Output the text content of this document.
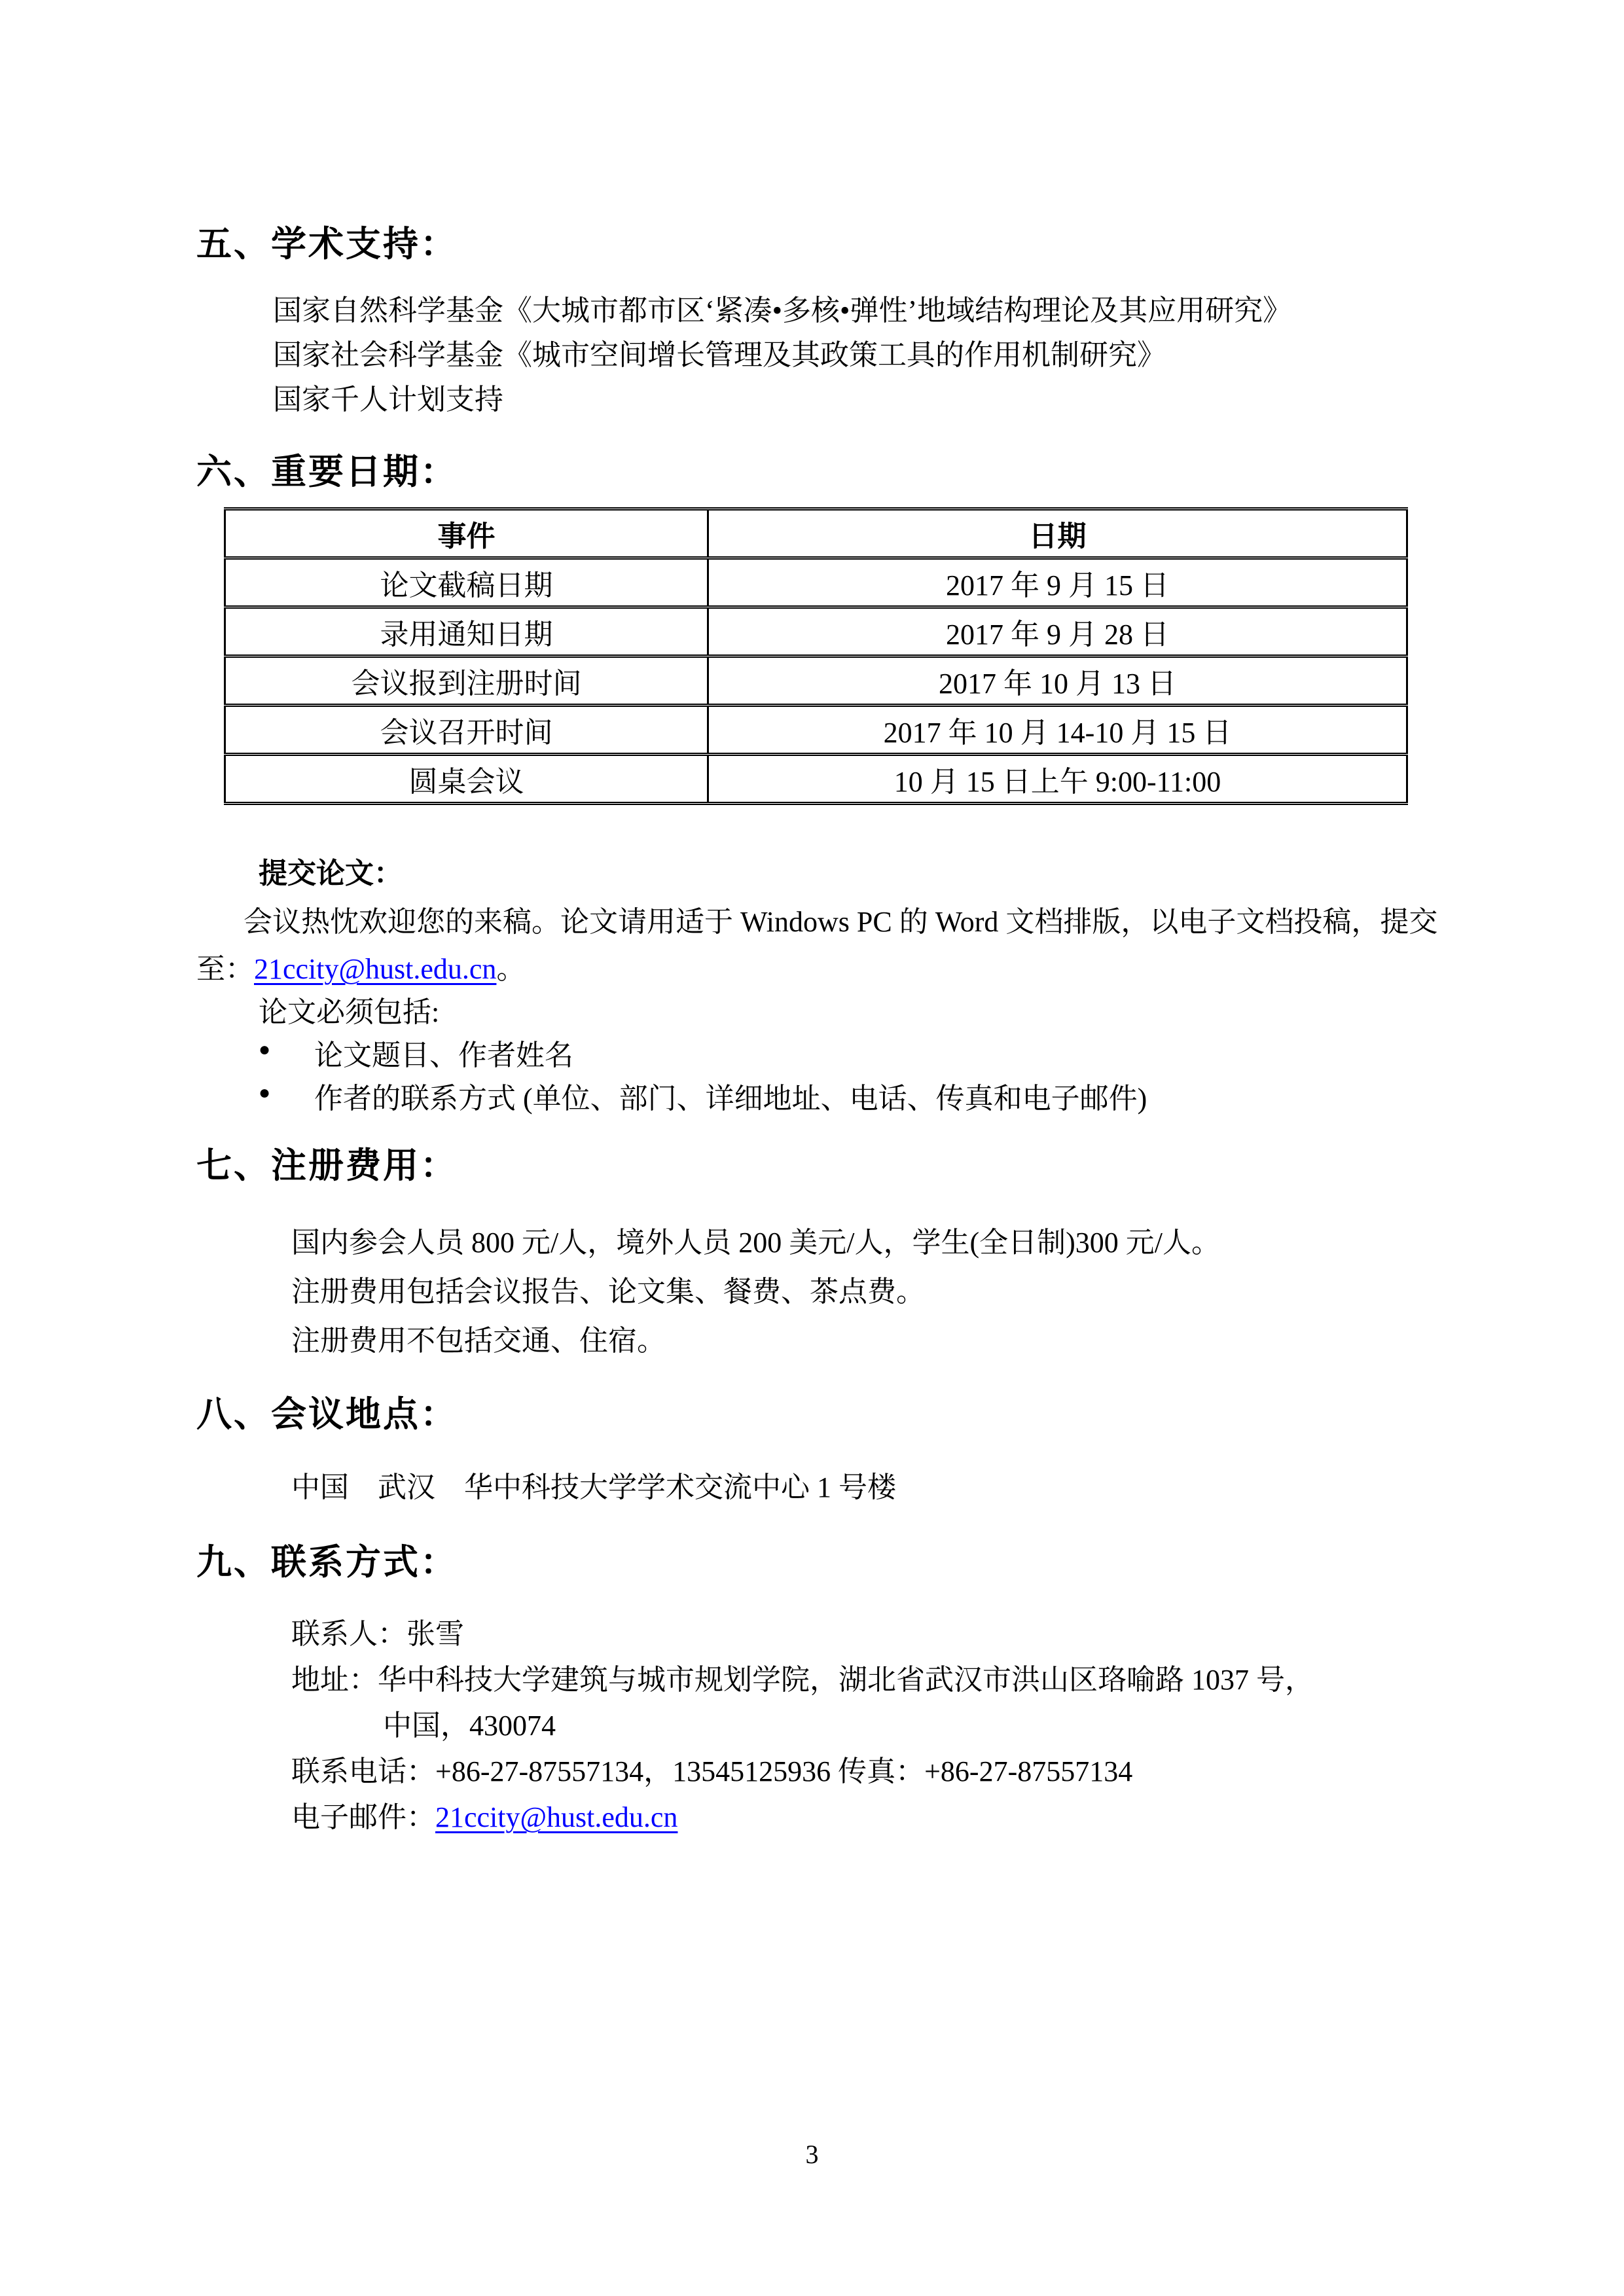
五、学术支持：
国家自然科学基金《大城市都市区‘紧凑•多核•弹性’地域结构理论及其应用研究》
国家社会科学基金《城市空间增长管理及其政策工具的作用机制研究》
国家千人计划支持
六、重要日期：
事件	日期
论文截稿日期	2017 年 9 月 15 日
录用通知日期	2017 年 9 月 28 日
会议报到注册时间	2017 年 10 月 13 日
会议召开时间	2017 年 10 月 14-10 月 15 日
圆桌会议	10 月 15 日上午 9:00-11:00
提交论文：
会议热忱欢迎您的来稿。论文请用适于 Windows PC 的 Word 文档排版，以电子文档投稿，提交
至：21ccity@hust.edu.cn。
论文必须包括:
●	论文题目、作者姓名
●	作者的联系方式 (单位、部门、详细地址、电话、传真和电子邮件)
七、注册费用：
国内参会人员 800 元/人，境外人员 200 美元/人，学生(全日制)300 元/人。
注册费用包括会议报告、论文集、餐费、茶点费。
注册费用不包括交通、住宿。
八、会议地点：
中国　武汉　华中科技大学学术交流中心 1 号楼
九、联系方式：
联系人：张雪
地址：华中科技大学建筑与城市规划学院，湖北省武汉市洪山区珞喻路 1037 号，
中国，430074
联系电话：+86-27-87557134，13545125936 传真：+86-27-87557134
电子邮件：21ccity@hust.edu.cn
3
